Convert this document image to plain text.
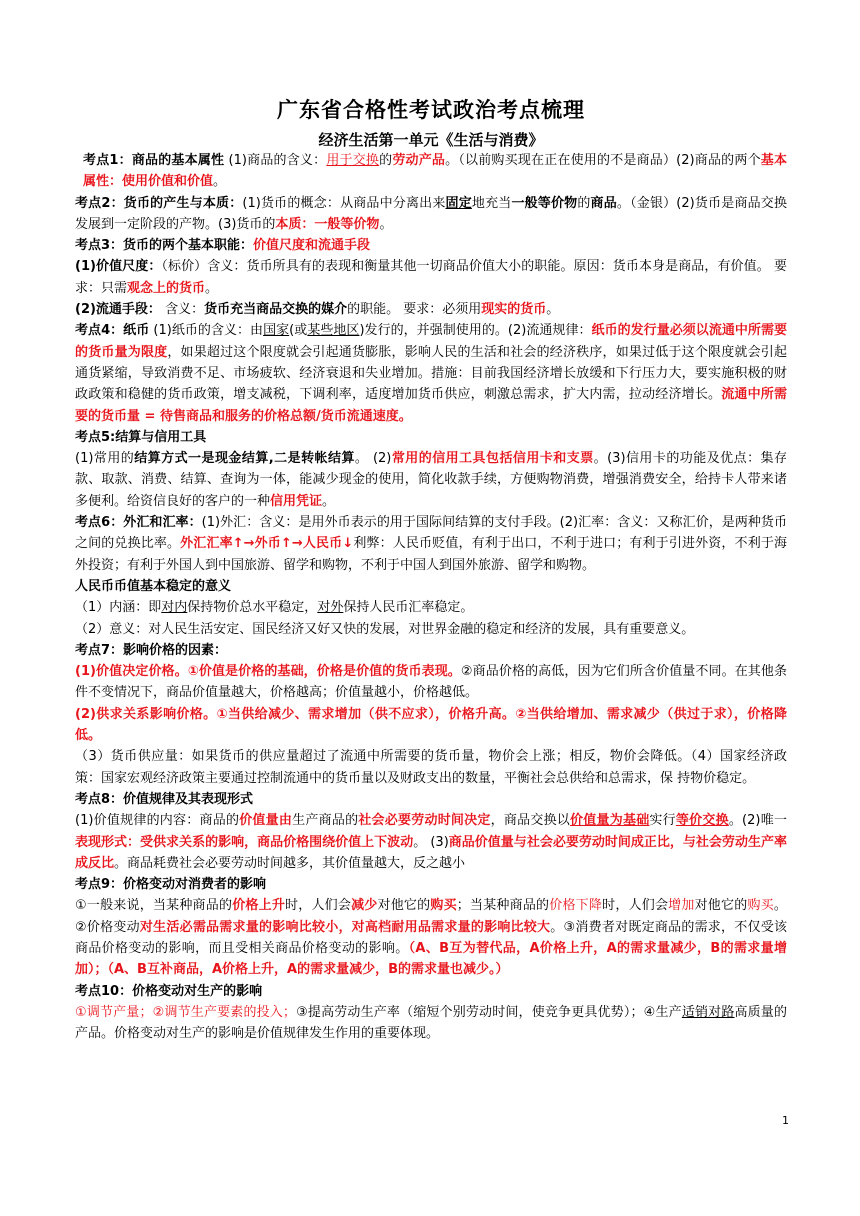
广东省合格性考试政治考点梳理
经济生活第一单元《生活与消费》

考点1：商品的基本属性 (1)商品的含义：用于交换的劳动产品。（以前购买现在正在使用的不是商品）(2)商品的两个基本属性：使用价值和价值。

考点2：货币的产生与本质：(1)货币的概念：从商品中分离出来固定地充当一般等价物的商品。（金银）(2)货币是商品交换发展到一定阶段的产物。(3)货币的本质：一般等价物。

考点3：货币的两个基本职能：价值尺度和流通手段

(1)价值尺度：（标价）含义：货币所具有的表现和衡量其他一切商品价值大小的职能。原因：货币本身是商品，有价值。 要求：只需观念上的货币。

(2)流通手段： 含义：货币充当商品交换的媒介的职能。 要求：必须用现实的货币。

考点4：纸币 (1)纸币的含义：由国家(或某些地区)发行的，并强制使用的。(2)流通规律：纸币的发行量必须以流通中所需要的货币量为限度，如果超过这个限度就会引起通货膨胀，影响人民的生活和社会的经济秩序，如果过低于这个限度就会引起通货紧缩，导致消费不足、市场疲软、经济衰退和失业增加。措施：目前我国经济增长放缓和下行压力大，要实施积极的财政政策和稳健的货币政策，增支减税，下调利率，适度增加货币供应，刺激总需求，扩大内需，拉动经济增长。流通中所需要的货币量 = 待售商品和服务的价格总额/货币流通速度。

考点5:结算与信用工具

(1)常用的结算方式一是现金结算,二是转帐结算。 (2)常用的信用工具包括信用卡和支票。(3)信用卡的功能及优点：集存款、取款、消费、结算、查询为一体，能减少现金的使用，简化收款手续，方便购物消费，增强消费安全，给持卡人带来诸多便利。给资信良好的客户的一种信用凭证。

考点6：外汇和汇率：(1)外汇：含义：是用外币表示的用于国际间结算的支付手段。(2)汇率：含义：又称汇价，是两种货币之间的兑换比率。外汇汇率↑→外币↑→人民币↓利弊：人民币贬值，有利于出口，不利于进口；有利于引进外资，不利于海外投资；有利于外国人到中国旅游、留学和购物，不利于中国人到国外旅游、留学和购物。

人民币币值基本稳定的意义

（1）内涵：即对内保持物价总水平稳定，对外保持人民币汇率稳定。

（2）意义：对人民生活安定、国民经济又好又快的发展，对世界金融的稳定和经济的发展，具有重要意义。

考点7：影响价格的因素：

(1)价值决定价格。①价值是价格的基础，价格是价值的货币表现。②商品价格的高低，因为它们所含价值量不同。在其他条件不变情况下，商品价值量越大，价格越高；价值量越小，价格越低。

(2)供求关系影响价格。①当供给减少、需求增加（供不应求），价格升高。②当供给增加、需求减少（供过于求），价格降低。

（3）货币供应量：如果货币的供应量超过了流通中所需要的货币量，物价会上涨；相反，物价会降低。（4）国家经济政策：国家宏观经济政策主要通过控制流通中的货币量以及财政支出的数量，平衡社会总供给和总需求，保 持物价稳定。

考点8：价值规律及其表现形式

(1)价值规律的内容：商品的价值量由生产商品的社会必要劳动时间决定，商品交换以价值量为基础实行等价交换。(2)唯一表现形式：受供求关系的影响，商品价格围绕价值上下波动。 (3)商品价值量与社会必要劳动时间成正比，与社会劳动生产率成反比。商品耗费社会必要劳动时间越多，其价值量越大，反之越小

考点9：价格变动对消费者的影响

①一般来说，当某种商品的价格上升时，人们会减少对他它的购买；当某种商品的价格下降时，人们会增加对他它的购买。②价格变动对生活必需品需求量的影响比较小，对高档耐用品需求量的影响比较大。③消费者对既定商品的需求，不仅受该商品价格变动的影响，而且受相关商品价格变动的影响。（A、B互为替代品，A价格上升，A的需求量减少，B的需求量增加）；（A、B互补商品，A价格上升，A的需求量减少，B的需求量也减少。）

考点10：价格变动对生产的影响

①调节产量；②调节生产要素的投入；③提高劳动生产率（缩短个别劳动时间，使竞争更具优势）；④生产适销对路高质量的产品。价格变动对生产的影响是价值规律发生作用的重要体现。

1
